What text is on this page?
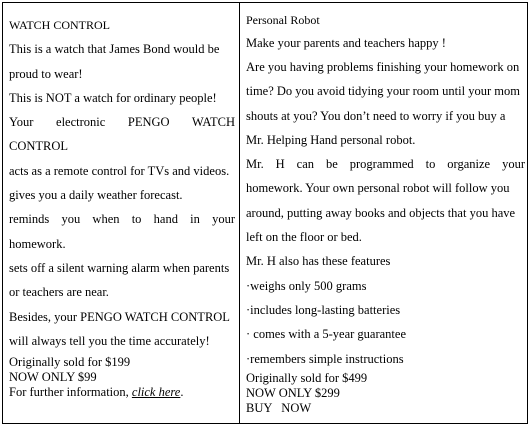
WATCH CONTROL
This is a watch that James Bond would be
proud to wear!
This is NOT a watch for ordinary people!
Your electronic PENGO WATCH
CONTROL
acts as a remote control for TVs and videos.
gives you a daily weather forecast.
reminds you when to hand in your
homework.
sets off a silent warning alarm when parents
or teachers are near.
Besides, your PENGO WATCH CONTROL
will always tell you the time accurately!
Originally sold for $199
NOW ONLY $99
For further information, click here.
Personal Robot
Make your parents and teachers happy !
Are you having problems finishing your homework on
time? Do you avoid tidying your room until your mom
shouts at you? You don’t need to worry if you buy a
Mr. Helping Hand personal robot.
Mr. H can be programmed to organize your
homework. Your own personal robot will follow you
around, putting away books and objects that you have
left on the floor or bed.
Mr. H also has these features
·weighs only 500 grams
·includes long-lasting batteries
· comes with a 5-year guarantee
·remembers simple instructions
Originally sold for $499
NOW ONLY $299
BUY   NOW
